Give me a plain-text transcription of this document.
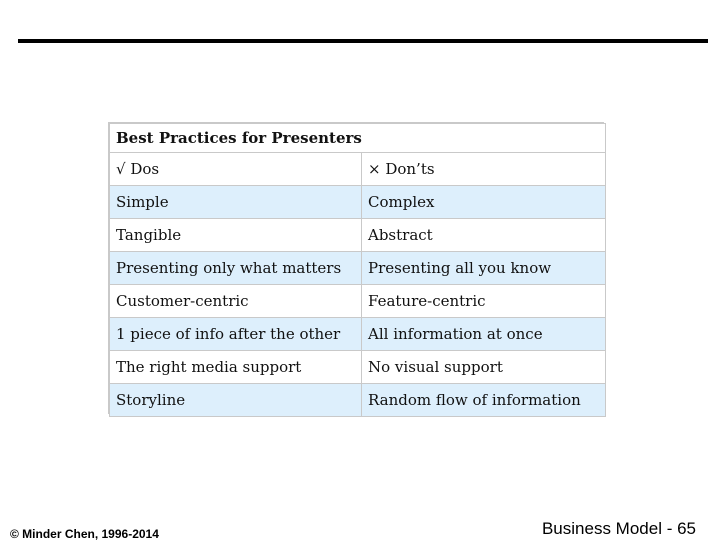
Best Practices for Presenters	
√ Dos	× Don’ts
Simple	Complex
Tangible	Abstract
Presenting only what matters	Presenting all you know
Customer-centric	Feature-centric
1 piece of info after the other	All information at once
The right media support	No visual support
Storyline	Random flow of information
© Minder Chen, 1996-2014	Business Model - 65
